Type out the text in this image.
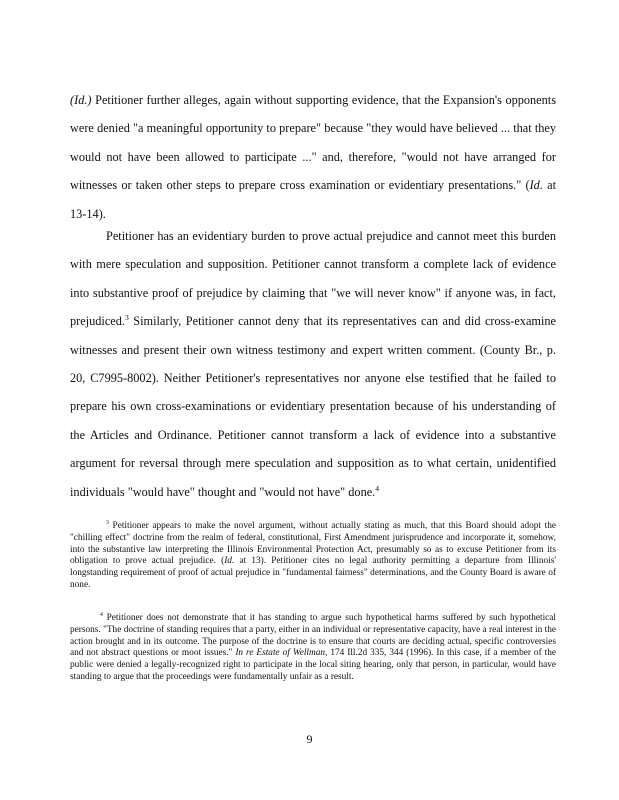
(Id.) Petitioner further alleges, again without supporting evidence, that the Expansion's opponents were denied "a meaningful opportunity to prepare" because "they would have believed ... that they would not have been allowed to participate ..." and, therefore, "would not have arranged for witnesses or taken other steps to prepare cross examination or evidentiary presentations." (Id. at 13-14).
Petitioner has an evidentiary burden to prove actual prejudice and cannot meet this burden with mere speculation and supposition. Petitioner cannot transform a complete lack of evidence into substantive proof of prejudice by claiming that "we will never know" if anyone was, in fact, prejudiced.$^3$ Similarly, Petitioner cannot deny that its representatives can and did cross-examine witnesses and present their own witness testimony and expert written comment. (County Br., p. 20, C7995-8002). Neither Petitioner's representatives nor anyone else testified that he failed to prepare his own cross-examinations or evidentiary presentation because of his understanding of the Articles and Ordinance. Petitioner cannot transform a lack of evidence into a substantive argument for reversal through mere speculation and supposition as to what certain, unidentified individuals "would have" thought and "would not have" done.$^4$
$^3$ Petitioner appears to make the novel argument, without actually stating as much, that this Board should adopt the "chilling effect" doctrine from the realm of federal, constitutional, First Amendment jurisprudence and incorporate it, somehow, into the substantive law interpreting the Illinois Environmental Protection Act, presumably so as to excuse Petitioner from its obligation to prove actual prejudice. (Id. at 13). Petitioner cites no legal authority permitting a departure from Illinois' longstanding requirement of proof of actual prejudice in "fundamental fairness" determinations, and the County Board is aware of none.
$^4$ Petitioner does not demonstrate that it has standing to argue such hypothetical harms suffered by such hypothetical persons. "The doctrine of standing requires that a party, either in an individual or representative capacity, have a real interest in the action brought and in its outcome. The purpose of the doctrine is to ensure that courts are deciding actual, specific controversies and not abstract questions or moot issues." In re Estate of Wellman, 174 Ill.2d 335, 344 (1996). In this case, if a member of the public were denied a legally-recognized right to participate in the local siting hearing, only that person, in particular, would have standing to argue that the proceedings were fundamentally unfair as a result.
9
